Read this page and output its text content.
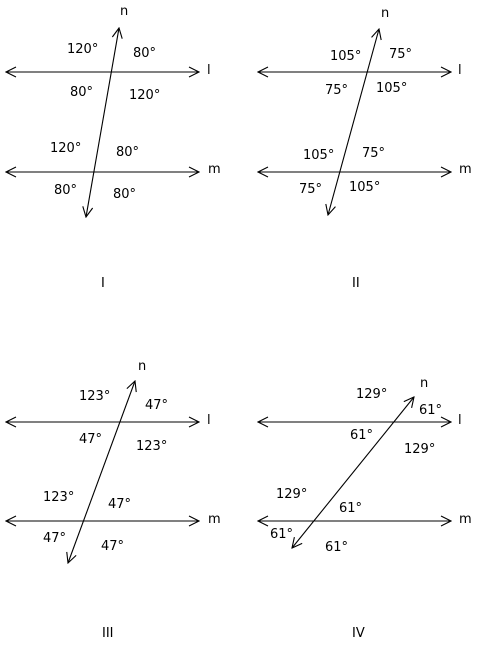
l
m
n
120°	80°
80°	120°
120°	80°
80°	80°
I
l
m
n
105° 75°
75° 105°
105° 75°
75° 105°
II
l
m
n
123°
47°
47°	123°
123°	47°
47°
47°
III
l
m
n
129°
61°
61°
129°
129°
61°
61°
61°
IV
